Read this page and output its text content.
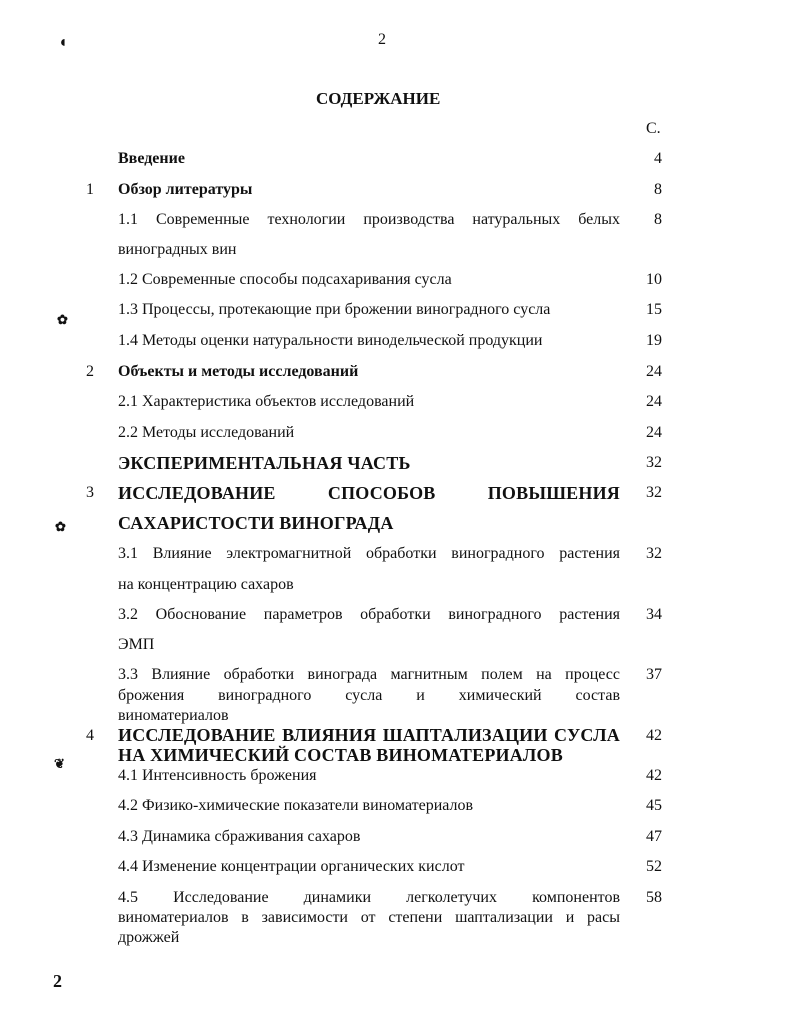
2
СОДЕРЖАНИЕ
С.
◖
✿
✿
❦
2
Введение	4
1 Обзор литературы	8
1.1 Современные технологии производства натуральных белых	8
виноградных вин
1.2 Современные способы подсахаривания сусла	10
1.3 Процессы, протекающие при брожении виноградного сусла	15
1.4 Методы оценки натуральности винодельческой продукции	19
2 Объекты и методы исследований	24
2.1 Характеристика объектов исследований	24
2.2 Методы исследований	24
ЭКСПЕРИМЕНТАЛЬНАЯ ЧАСТЬ	32
3 ИССЛЕДОВАНИЕ СПОСОБОВ ПОВЫШЕНИЯ	32
САХАРИСТОСТИ ВИНОГРАДА
3.1 Влияние электромагнитной обработки виноградного растения	32
на концентрацию сахаров
3.2 Обоснование параметров обработки виноградного растения	34
ЭМП
3.3 Влияние обработки винограда магнитным полем на процесс	37
брожения виноградного сусла и химический состав
виноматериалов
4 ИССЛЕДОВАНИЕ ВЛИЯНИЯ ШАПТАЛИЗАЦИИ СУСЛА	42
НА ХИМИЧЕСКИЙ СОСТАВ ВИНОМАТЕРИАЛОВ
4.1 Интенсивность брожения	42
4.2 Физико-химические показатели виноматериалов	45
4.3 Динамика сбраживания сахаров	47
4.4 Изменение концентрации органических кислот	52
4.5 Исследование динамики легколетучих компонентов	58
виноматериалов в зависимости от степени шаптализации и расы
дрожжей
